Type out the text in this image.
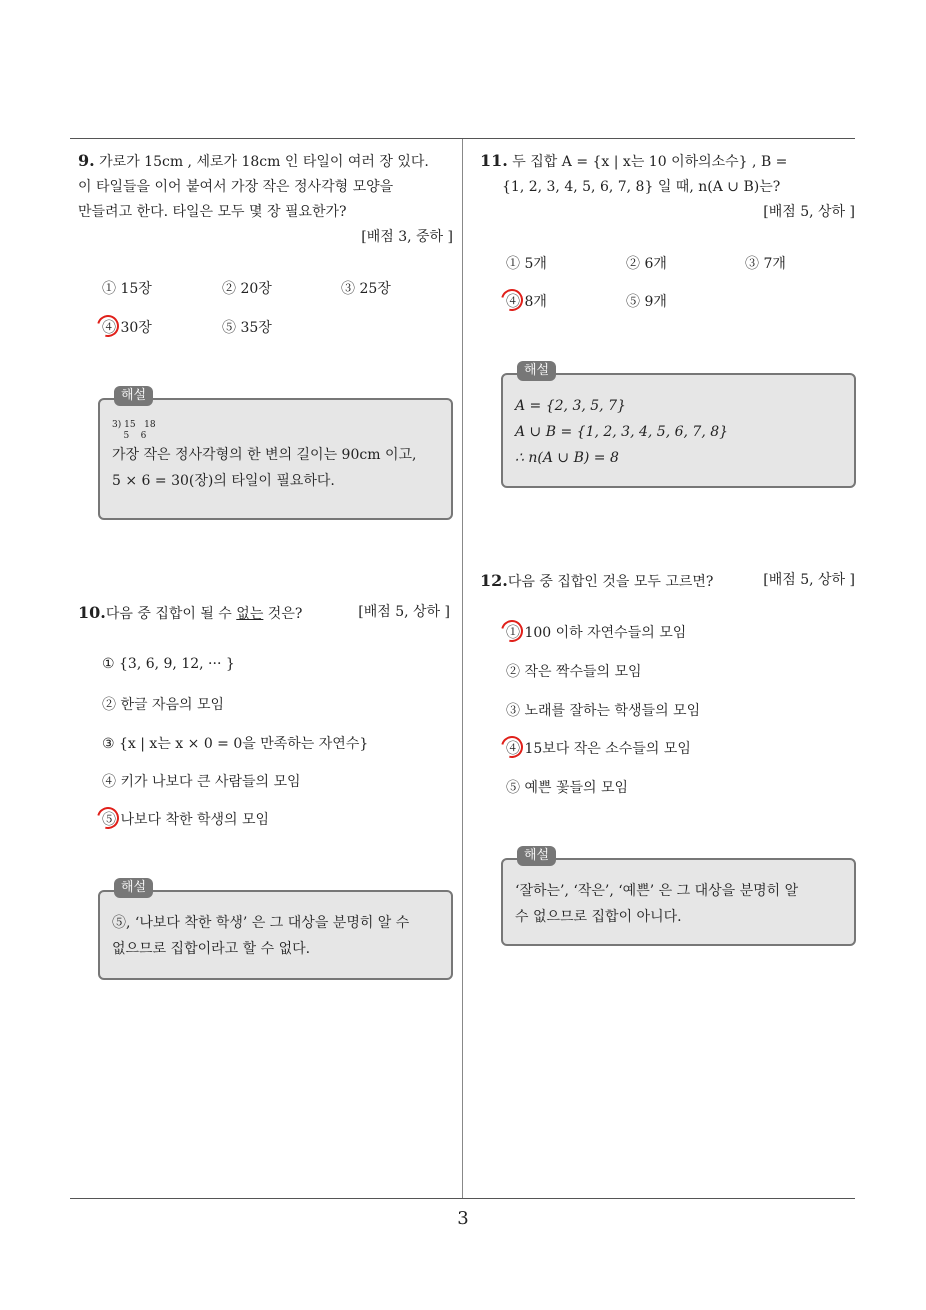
3
9. 가로가 15cm , 세로가 18cm 인 타일이 여러 장 있다.
이 타일들을 이어 붙여서 가장 작은 정사각형 모양을
만들려고 한다. 타일은 모두 몇 장 필요한가?
[배점 3, 중하 ]
① 15장	② 20장	③ 25장
④ 30장	⑤ 35장
해설
3) 15   18
5    6
가장 작은 정사각형의 한 변의 길이는 90cm 이고,
5 × 6 = 30(장)의 타일이 필요하다.
10.다음 중 집합이 될 수 없는 것은?	[배점 5, 상하 ]
① {3, 6, 9, 12, ··· }
② 한글 자음의 모임
③ {x | x는 x × 0 = 0을 만족하는 자연수}
④ 키가 나보다 큰 사람들의 모임
⑤ 나보다 착한 학생의 모임
해설
⑤, ‘나보다 착한 학생’ 은 그 대상을 분명히 알 수
없으므로 집합이라고 할 수 없다.
11. 두 집합 A = {x | x는 10 이하의소수} , B =
{1, 2, 3, 4, 5, 6, 7, 8} 일 때, n(A ∪ B)는?
[배점 5, 상하 ]
① 5개	② 6개	③ 7개
④ 8개	⑤ 9개
해설
A = {2, 3, 5, 7}
A ∪ B = {1, 2, 3, 4, 5, 6, 7, 8}
∴ n(A ∪ B) = 8
12.다음 중 집합인 것을 모두 고르면?	[배점 5, 상하 ]
① 100 이하 자연수들의 모임
② 작은 짝수들의 모임
③ 노래를 잘하는 학생들의 모임
④ 15보다 작은 소수들의 모임
⑤ 예쁜 꽃들의 모임
해설
‘잘하는’, ‘작은’, ‘예쁜’ 은 그 대상을 분명히 알
수 없으므로 집합이 아니다.
